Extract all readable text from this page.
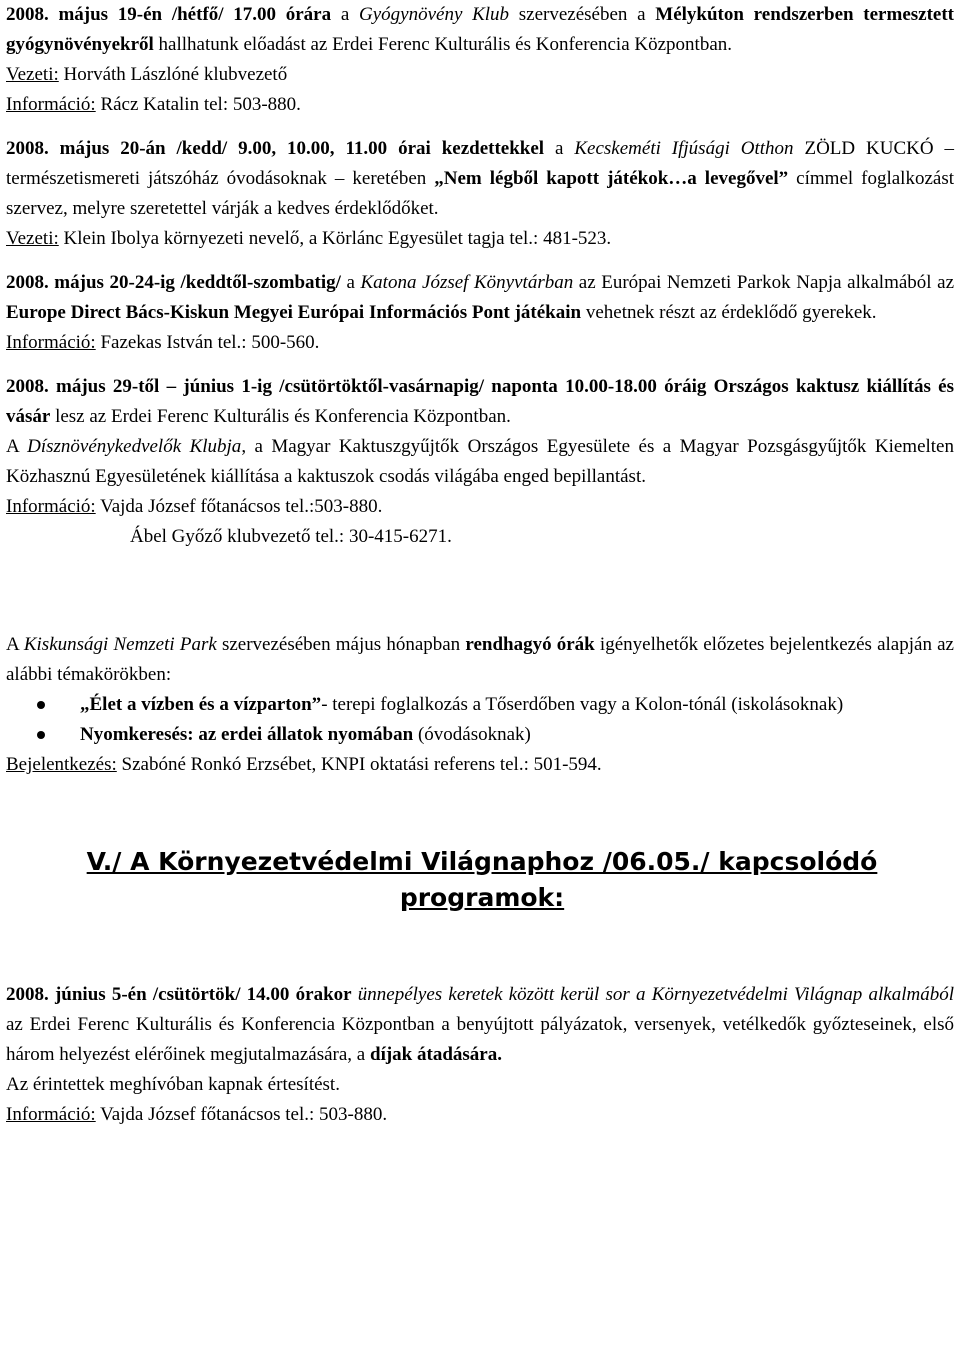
2008. május 19-én /hétfő/ 17.00 órára a Gyógynövény Klub szervezésében a Mélykúton rendszerben termesztett gyógynövényekről hallhatunk előadást az Erdei Ferenc Kulturális és Konferencia Központban.

Vezeti: Horváth Lászlóné klubvezető

Információ: Rácz Katalin tel: 503-880.

2008. május 20-án /kedd/ 9.00, 10.00, 11.00 órai kezdettekkel a Kecskeméti Ifjúsági Otthon ZÖLD KUCKÓ – természetismereti játszóház óvodásoknak – keretében „Nem légből kapott játékok…a levegővel” címmel foglalkozást szervez, melyre szeretettel várják a kedves érdeklődőket.

Vezeti: Klein Ibolya környezeti nevelő, a Körlánc Egyesület tagja tel.: 481-523.

2008. május 20-24-ig /keddtől-szombatig/ a Katona József Könyvtárban az Európai Nemzeti Parkok Napja alkalmából az Europe Direct Bács-Kiskun Megyei Európai Információs Pont játékain vehetnek részt az érdeklődő gyerekek.

Információ: Fazekas István tel.: 500-560.

2008. május 29-től – június 1-ig /csütörtöktől-vasárnapig/ naponta 10.00-18.00 óráig Országos kaktusz kiállítás és vásár lesz az Erdei Ferenc Kulturális és Konferencia Központban.

A Dísznövénykedvelők Klubja, a Magyar Kaktuszgyűjtők Országos Egyesülete és a Magyar Pozsgásgyűjtők Kiemelten Közhasznú Egyesületének kiállítása a kaktuszok csodás világába enged bepillantást.

Információ: Vajda József főtanácsos tel.:503-880.

Ábel Győző klubvezető tel.: 30-415-6271.

A Kiskunsági Nemzeti Park szervezésében május hónapban rendhagyó órák igényelhetők előzetes bejelentkezés alapján az alábbi témakörökben:

„Élet a vízben és a vízparton”- terepi foglalkozás a Tőserdőben vagy a Kolon-tónál (iskolásoknak)
Nyomkeresés: az erdei állatok nyomában (óvodásoknak)

Bejelentkezés: Szabóné Ronkó Erzsébet, KNPI oktatási referens tel.: 501-594.

V./ A Környezetvédelmi Világnaphoz /06.05./ kapcsolódó
programok:

2008. június 5-én /csütörtök/ 14.00 órakor ünnepélyes keretek között kerül sor a Környezetvédelmi Világnap alkalmából az Erdei Ferenc Kulturális és Konferencia Központban a benyújtott pályázatok, versenyek, vetélkedők győzteseinek, első három helyezést elérőinek megjutalmazására, a díjak átadására.

Az érintettek meghívóban kapnak értesítést.

Információ: Vajda József főtanácsos tel.: 503-880.
